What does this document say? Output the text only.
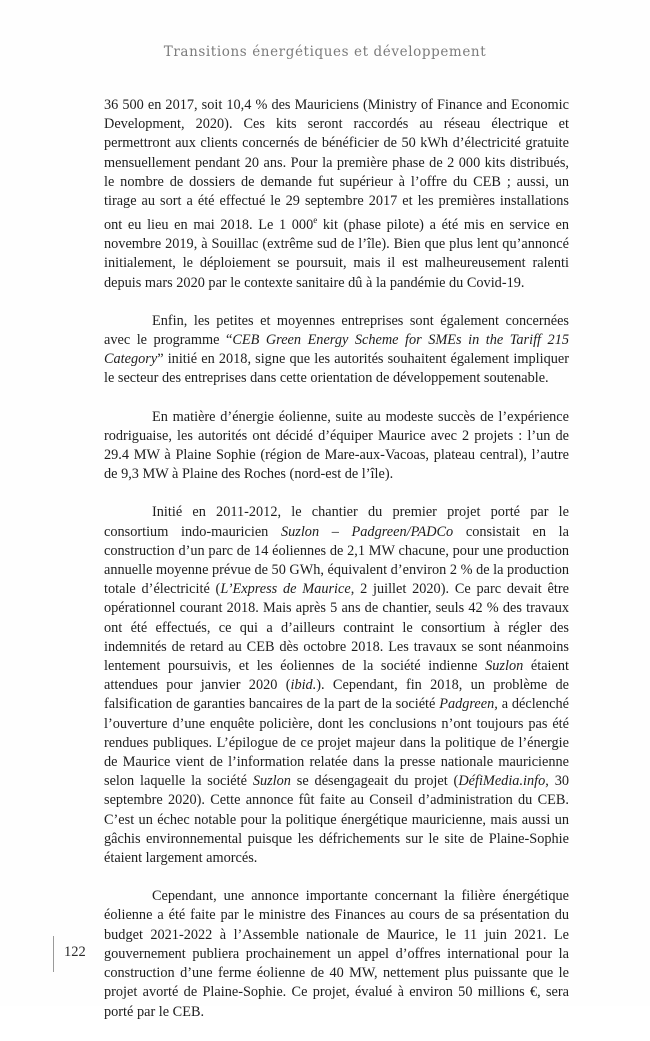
Transitions énergétiques et développement

36 500 en 2017, soit 10,4 % des Mauriciens (Ministry of Finance and Economic Development, 2020). Ces kits seront raccordés au réseau électrique et permettront aux clients concernés de bénéficier de 50 kWh d’électricité gratuite mensuellement pendant 20 ans. Pour la première phase de 2 000 kits distribués, le nombre de dossiers de demande fut supérieur à l’offre du CEB ; aussi, un tirage au sort a été effectué le 29 septembre 2017 et les premières installations ont eu lieu en mai 2018. Le 1 000e kit (phase pilote) a été mis en service en novembre 2019, à Souillac (extrême sud de l’île). Bien que plus lent qu’annoncé initialement, le déploiement se poursuit, mais il est malheureusement ralenti depuis mars 2020 par le contexte sanitaire dû à la pandémie du Covid-19.

Enfin, les petites et moyennes entreprises sont également concernées avec le programme “CEB Green Energy Scheme for SMEs in the Tariff 215 Category” initié en 2018, signe que les autorités souhaitent également impliquer le secteur des entreprises dans cette orientation de développement soutenable.

En matière d’énergie éolienne, suite au modeste succès de l’expérience rodriguaise, les autorités ont décidé d’équiper Maurice avec 2 projets : l’un de 29.4 MW à Plaine Sophie (région de Mare-aux-Vacoas, plateau central), l’autre de 9,3 MW à Plaine des Roches (nord-est de l’île).

Initié en 2011-2012, le chantier du premier projet porté par le consortium indo-mauricien Suzlon – Padgreen/PADCo consistait en la construction d’un parc de 14 éoliennes de 2,1 MW chacune, pour une production annuelle moyenne prévue de 50 GWh, équivalent d’environ 2 % de la production totale d’électricité (L’Express de Maurice, 2 juillet 2020). Ce parc devait être opérationnel courant 2018. Mais après 5 ans de chantier, seuls 42 % des travaux ont été effectués, ce qui a d’ailleurs contraint le consortium à régler des indemnités de retard au CEB dès octobre 2018. Les travaux se sont néanmoins lentement poursuivis, et les éoliennes de la société indienne Suzlon étaient attendues pour janvier 2020 (ibid.). Cependant, fin 2018, un problème de falsification de garanties bancaires de la part de la société Padgreen, a déclenché l’ouverture d’une enquête policière, dont les conclusions n’ont toujours pas été rendues publiques. L’épilogue de ce projet majeur dans la politique de l’énergie de Maurice vient de l’information relatée dans la presse nationale mauricienne selon laquelle la société Suzlon se désengageait du projet (DéfiMedia.info, 30 septembre 2020). Cette annonce fût faite au Conseil d’administration du CEB. C’est un échec notable pour la politique énergétique mauricienne, mais aussi un gâchis environnemental puisque les défrichements sur le site de Plaine-Sophie étaient largement amorcés.

Cependant, une annonce importante concernant la filière énergétique éolienne a été faite par le ministre des Finances au cours de sa présentation du budget 2021-2022 à l’Assemble nationale de Maurice, le 11 juin 2021. Le gouvernement publiera prochainement un appel d’offres international pour la construction d’une ferme éolienne de 40 MW, nettement plus puissante que le projet avorté de Plaine-Sophie. Ce projet, évalué à environ 50 millions €, sera porté par le CEB.

122
